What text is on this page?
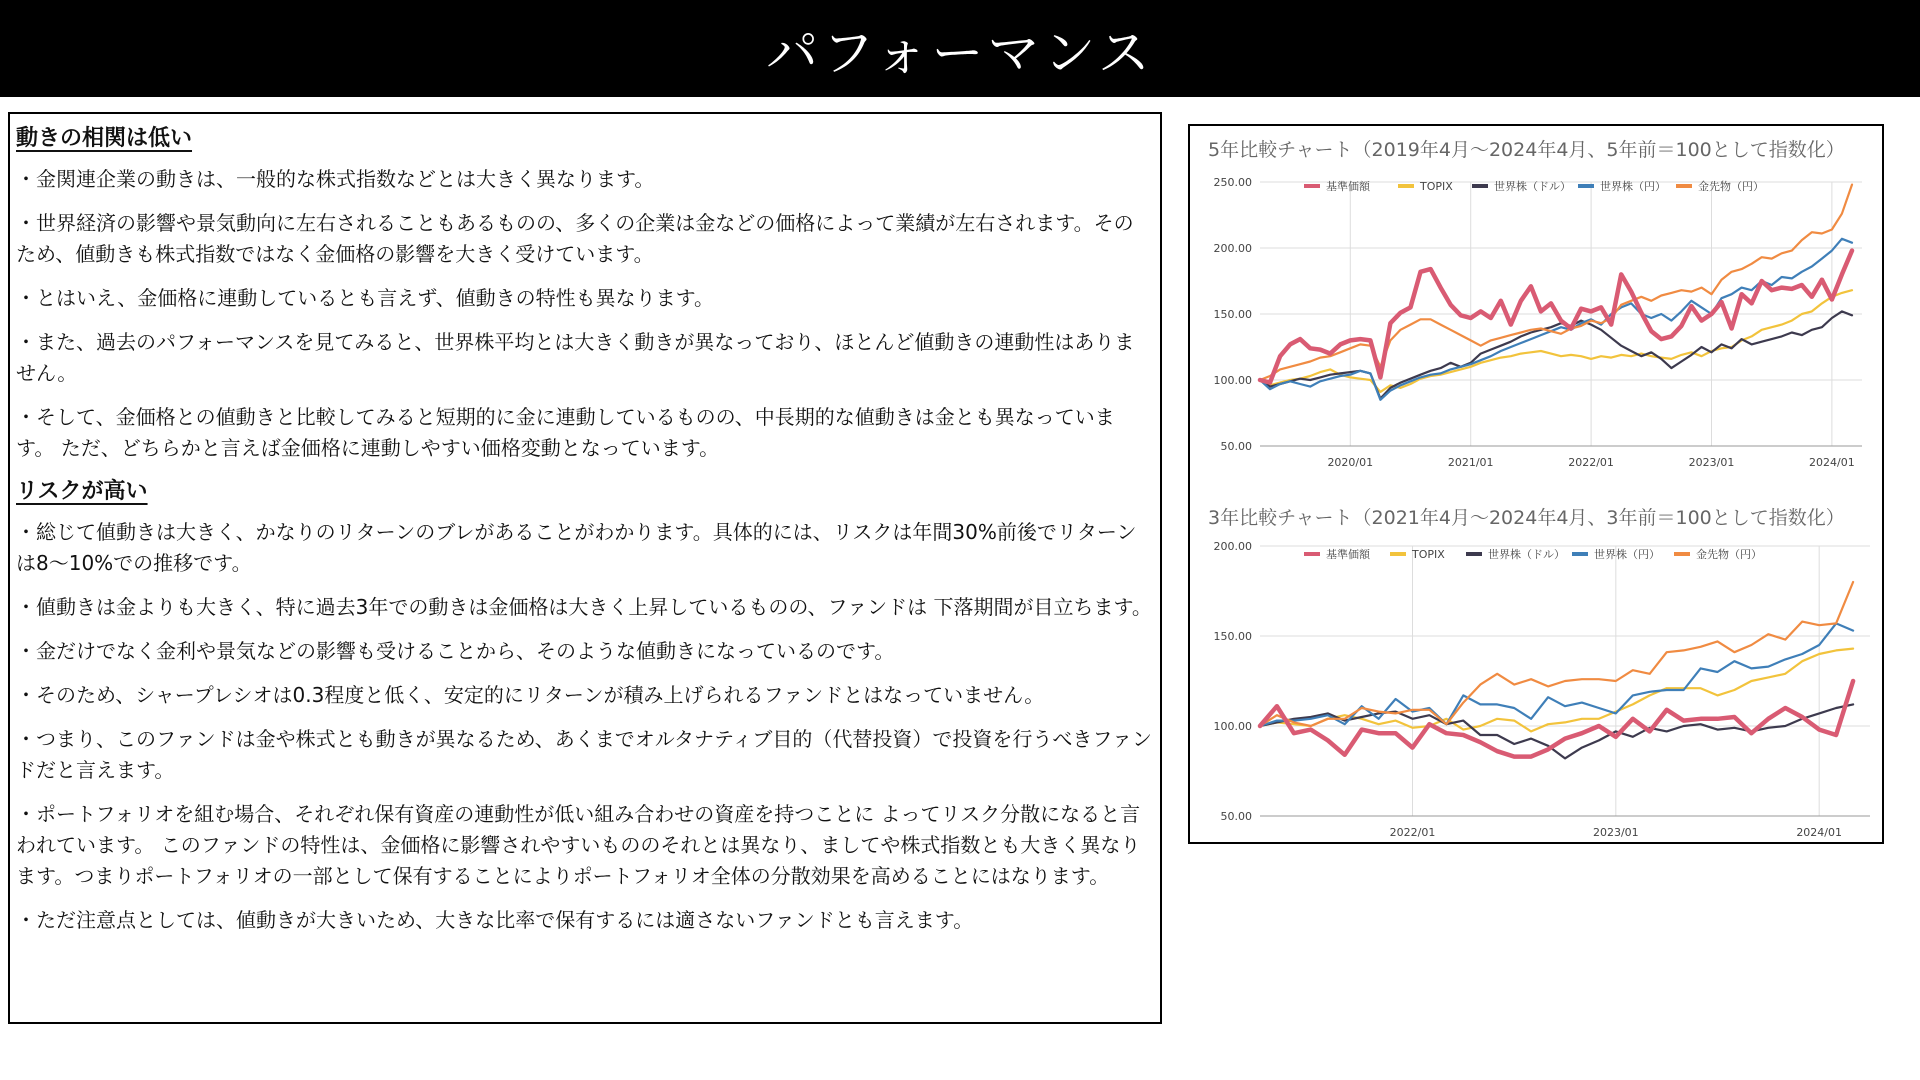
パフォーマンス
動きの相関は低い
・金関連企業の動きは、一般的な株式指数などとは大きく異なります。
・世界経済の影響や景気動向に左右されることもあるものの、多くの企業は金などの価格によって業績が左右されます。そのため、値動きも株式指数ではなく金価格の影響を大きく受けています。
・とはいえ、金価格に連動しているとも言えず、値動きの特性も異なります。
・また、過去のパフォーマンスを見てみると、世界株平均とは大きく動きが異なっており、ほとんど値動きの連動性はありません。
・そして、金価格との値動きと比較してみると短期的に金に連動しているものの、中長期的な値動きは金とも異なっています。 ただ、どちらかと言えば金価格に連動しやすい価格変動となっています。
リスクが高い
・総じて値動きは大きく、かなりのリターンのブレがあることがわかります。具体的には、リスクは年間30%前後でリターンは8～10%での推移です。
・値動きは金よりも大きく、特に過去3年での動きは金価格は大きく上昇しているものの、ファンドは 下落期間が目立ちます。
・金だけでなく金利や景気などの影響も受けることから、そのような値動きになっているのです。
・そのため、シャープレシオは0.3程度と低く、安定的にリターンが積み上げられるファンドとはなっていません。
・つまり、このファンドは金や株式とも動きが異なるため、あくまでオルタナティブ目的（代替投資）で投資を行うべきファンドだと言えます。
・ポートフォリオを組む場合、それぞれ保有資産の連動性が低い組み合わせの資産を持つことに よってリスク分散になると言われています。 このファンドの特性は、金価格に影響されやすいもののそれとは異なり、ましてや株式指数とも大きく異なります。つまりポートフォリオの一部として保有することによりポートフォリオ全体の分散効果を高めることにはなります。
・ただ注意点としては、値動きが大きいため、大きな比率で保有するには適さないファンドとも言えます。
5年比較チャート（2019年4月～2024年4月、5年前＝100として指数化）
250.00
200.00
150.00
100.00
50.00
2020/01	2021/01	2022/01	2023/01	2024/01
基準価額	TOPIX	世界株（ドル）	世界株（円）	金先物（円）
3年比較チャート（2021年4月～2024年4月、3年前＝100として指数化）
200.00
150.00
100.00
50.00
2022/01	2023/01	2024/01
基準価額	TOPIX	世界株（ドル）	世界株（円）	金先物（円）
